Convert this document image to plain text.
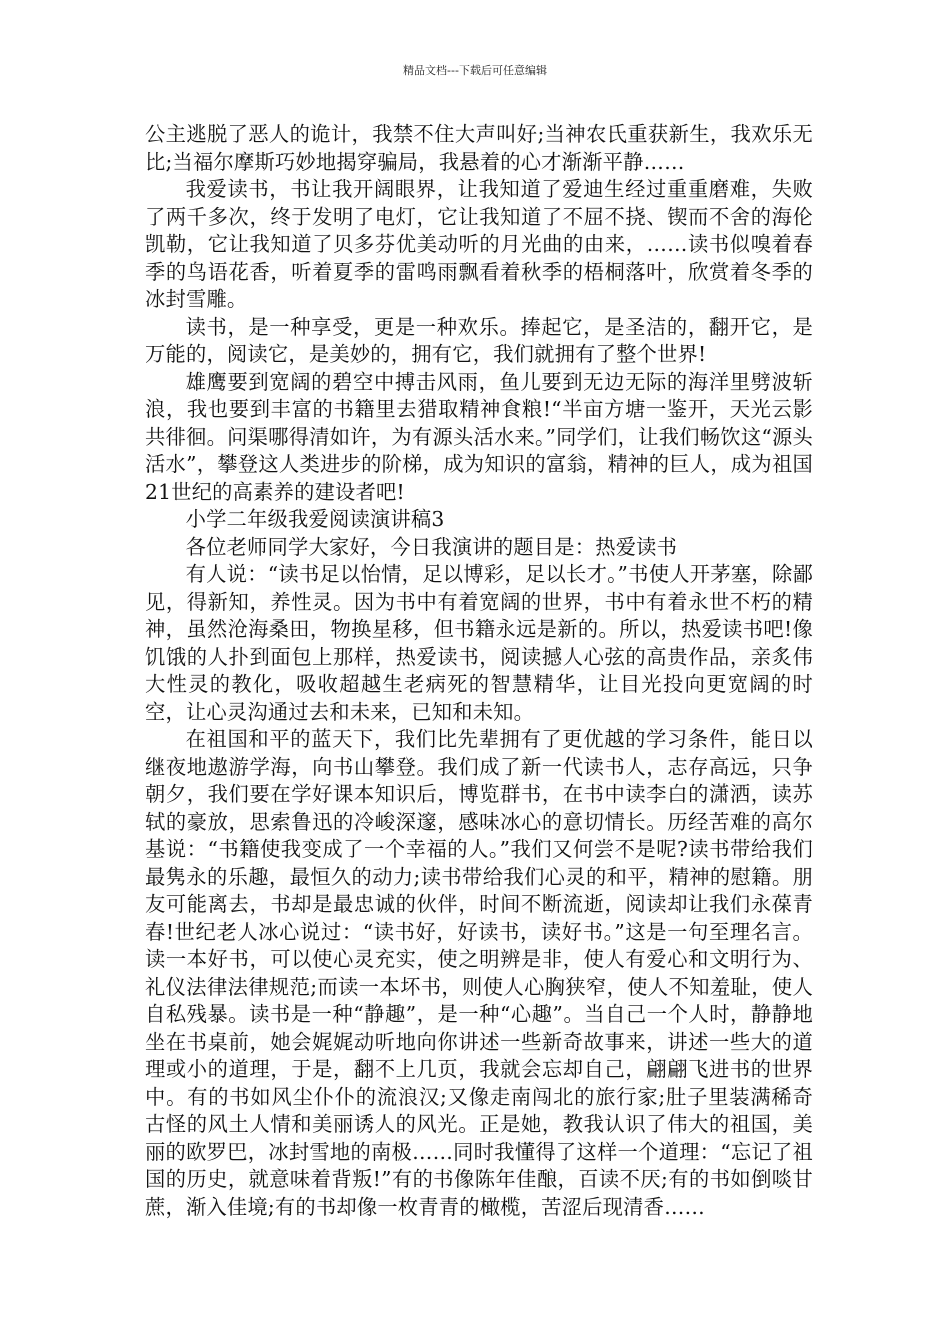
精品文档---下载后可任意编辑

公主逃脱了恶人的诡计，我禁不住大声叫好;当神农氏重获新生，我欢乐无比;当福尔摩斯巧妙地揭穿骗局，我悬着的心才渐渐平静……

我爱读书，书让我开阔眼界，让我知道了爱迪生经过重重磨难，失败了两千多次，终于发明了电灯，它让我知道了不屈不挠、锲而不舍的海伦凯勒，它让我知道了贝多芬优美动听的月光曲的由来，……读书似嗅着春季的鸟语花香，听着夏季的雷鸣雨飘看着秋季的梧桐落叶，欣赏着冬季的冰封雪雕。

读书，是一种享受，更是一种欢乐。捧起它，是圣洁的，翻开它，是万能的，阅读它，是美妙的，拥有它，我们就拥有了整个世界!

雄鹰要到宽阔的碧空中搏击风雨，鱼儿要到无边无际的海洋里劈波斩浪，我也要到丰富的书籍里去猎取精神食粮!“半亩方塘一鉴开，天光云影共徘徊。问渠哪得清如许，为有源头活水来。”同学们，让我们畅饮这“源头活水”，攀登这人类进步的阶梯，成为知识的富翁，精神的巨人，成为祖国21世纪的高素养的建设者吧!

小学二年级我爱阅读演讲稿3

各位老师同学大家好，今日我演讲的题目是：热爱读书

有人说：“读书足以怡情，足以博彩，足以长才。”书使人开茅塞，除鄙见，得新知，养性灵。因为书中有着宽阔的世界，书中有着永世不朽的精神，虽然沧海桑田，物换星移，但书籍永远是新的。所以，热爱读书吧!像饥饿的人扑到面包上那样，热爱读书，阅读撼人心弦的高贵作品，亲炙伟大性灵的教化，吸收超越生老病死的智慧精华，让目光投向更宽阔的时空，让心灵沟通过去和未来，已知和未知。

在祖国和平的蓝天下，我们比先辈拥有了更优越的学习条件，能日以继夜地遨游学海，向书山攀登。我们成了新一代读书人，志存高远，只争朝夕，我们要在学好课本知识后，博览群书，在书中读李白的潇洒，读苏轼的豪放，思索鲁迅的冷峻深邃，感味冰心的意切情长。历经苦难的高尔基说：“书籍使我变成了一个幸福的人。”我们又何尝不是呢?读书带给我们最隽永的乐趣，最恒久的动力;读书带给我们心灵的和平，精神的慰籍。朋友可能离去，书却是最忠诚的伙伴，时间不断流逝，阅读却让我们永葆青春!世纪老人冰心说过：“读书好，好读书，读好书。”这是一句至理名言。读一本好书，可以使心灵充实，使之明辨是非，使人有爱心和文明行为、礼仪法律法律规范;而读一本坏书，则使人心胸狭窄，使人不知羞耻，使人自私残暴。读书是一种“静趣”，是一种“心趣”。当自己一个人时，静静地坐在书桌前，她会娓娓动听地向你讲述一些新奇故事来，讲述一些大的道理或小的道理，于是，翻不上几页，我就会忘却自己，翩翩飞进书的世界中。有的书如风尘仆仆的流浪汉;又像走南闯北的旅行家;肚子里装满稀奇古怪的风土人情和美丽诱人的风光。正是她，教我认识了伟大的祖国，美丽的欧罗巴，冰封雪地的南极……同时我懂得了这样一个道理：“忘记了祖国的历史，就意味着背叛!”有的书像陈年佳酿，百读不厌;有的书如倒啖甘蔗，渐入佳境;有的书却像一枚青青的橄榄，苦涩后现清香……
